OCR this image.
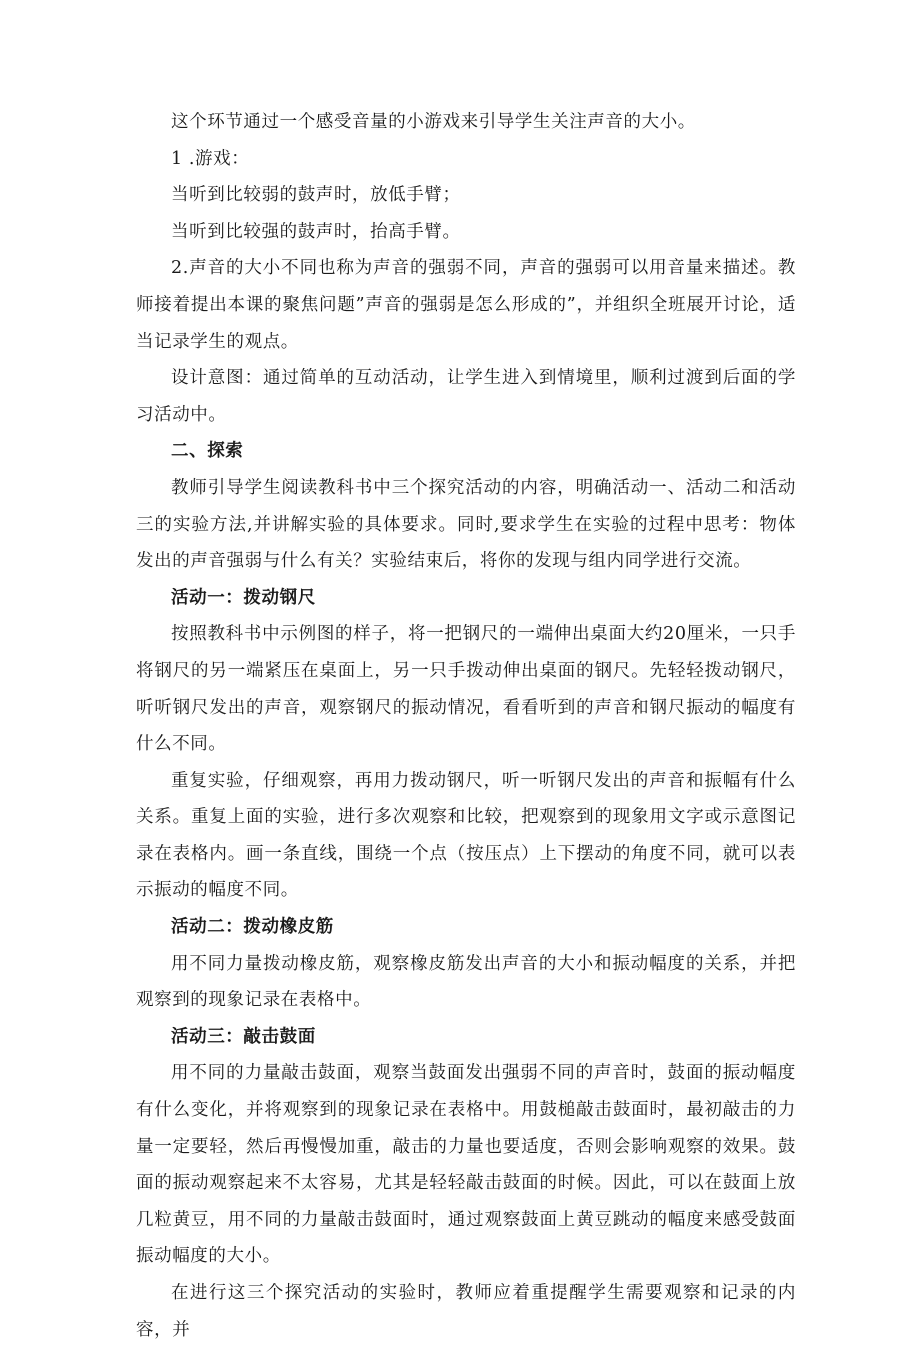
这个环节通过一个感受音量的小游戏来引导学生关注声音的大小。

1 .游戏：

当听到比较弱的鼓声时，放低手臂；

当听到比较强的鼓声时，抬高手臂。

2.声音的大小不同也称为声音的强弱不同，声音的强弱可以用音量来描述。教师接着提出本课的聚焦问题”声音的强弱是怎么形成的”，并组织全班展开讨论，适当记录学生的观点。

设计意图：通过简单的互动活动，让学生进入到情境里，顺利过渡到后面的学习活动中。

二、探索

教师引导学生阅读教科书中三个探究活动的内容，明确活动一、活动二和活动三的实验方法,并讲解实验的具体要求。同时,要求学生在实验的过程中思考：物体发出的声音强弱与什么有关？实验结束后，将你的发现与组内同学进行交流。

活动一：拨动钢尺

按照教科书中示例图的样子，将一把钢尺的一端伸出桌面大约20厘米，一只手将钢尺的另一端紧压在桌面上，另一只手拨动伸出桌面的钢尺。先轻轻拨动钢尺，听听钢尺发出的声音，观察钢尺的振动情况，看看听到的声音和钢尺振动的幅度有什么不同。

重复实验，仔细观察，再用力拨动钢尺，听一听钢尺发出的声音和振幅有什么关系。重复上面的实验，进行多次观察和比较，把观察到的现象用文字或示意图记录在表格内。画一条直线，围绕一个点（按压点）上下摆动的角度不同，就可以表示振动的幅度不同。

活动二：拨动橡皮筋

用不同力量拨动橡皮筋，观察橡皮筋发出声音的大小和振动幅度的关系，并把观察到的现象记录在表格中。

活动三：敲击鼓面

用不同的力量敲击鼓面，观察当鼓面发出强弱不同的声音时，鼓面的振动幅度有什么变化，并将观察到的现象记录在表格中。用鼓槌敲击鼓面时，最初敲击的力量一定要轻，然后再慢慢加重，敲击的力量也要适度，否则会影响观察的效果。鼓面的振动观察起来不太容易，尤其是轻轻敲击鼓面的时候。因此，可以在鼓面上放几粒黄豆，用不同的力量敲击鼓面时，通过观察鼓面上黄豆跳动的幅度来感受鼓面振动幅度的大小。

在进行这三个探究活动的实验时，教师应着重提醒学生需要观察和记录的内容，并
